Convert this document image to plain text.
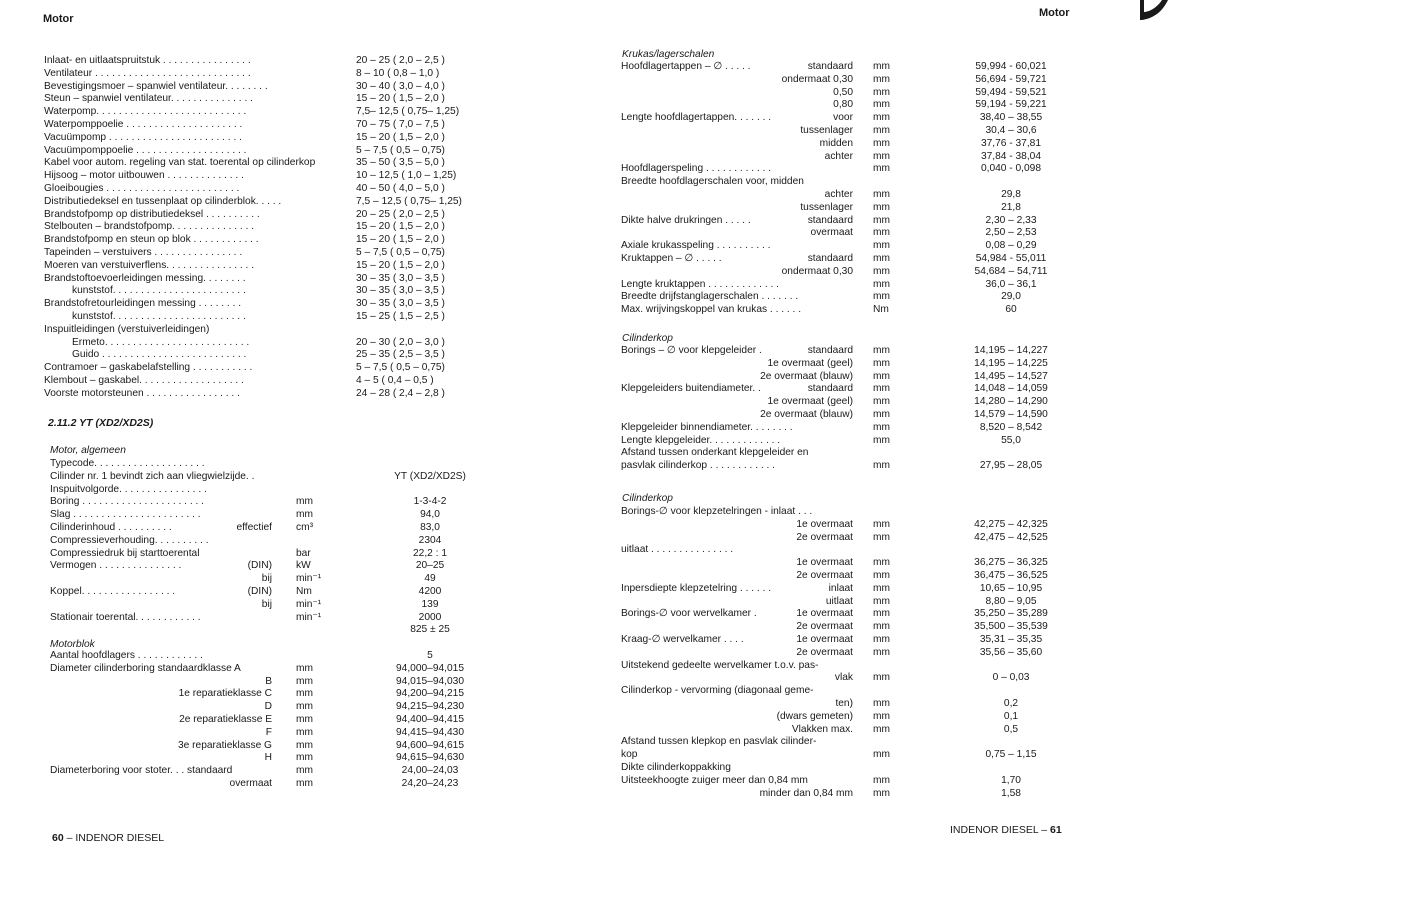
Motor
Inlaat- en uitlaatspruitstuk . . . . . . . . . . . . . . . .	20 – 25 ( 2,0 – 2,5 )
Ventilateur . . . . . . . . . . . . . . . . . . . . . . . . . . . .	8 – 10 ( 0,8 – 1,0 )
Bevestigingsmoer – spanwiel ventilateur. . . . . . . .	30 – 40 ( 3,0 – 4,0 )
Steun – spanwiel ventilateur. . . . . . . . . . . . . . .	15 – 20 ( 1,5 – 2,0 )
Waterpomp. . . . . . . . . . . . . . . . . . . . . . . . . . .	7,5– 12,5 ( 0,75– 1,25)
Waterpomppoelie . . . . . . . . . . . . . . . . . . . . .	70 – 75 ( 7,0 – 7,5 )
Vacuümpomp . . . . . . . . . . . . . . . . . . . . . . . .	15 – 20 ( 1,5 – 2,0 )
Vacuümpomppoelie . . . . . . . . . . . . . . . . . . . .	5 – 7,5 ( 0,5 – 0,75)
Kabel voor autom. regeling van stat. toerental op cilinderkop	35 – 50 ( 3,5 – 5,0 )
Hijsoog – motor uitbouwen . . . . . . . . . . . . . .	10 – 12,5 ( 1,0 – 1,25)
Gloeibougies . . . . . . . . . . . . . . . . . . . . . . . .	40 – 50 ( 4,0 – 5,0 )
Distributiedeksel en tussenplaat op cilinderblok. . . . .	7,5 – 12,5 ( 0,75– 1,25)
Brandstofpomp op distributiedeksel . . . . . . . . . .	20 – 25 ( 2,0 – 2,5 )
Stelbouten – brandstofpomp. . . . . . . . . . . . . . .	15 – 20 ( 1,5 – 2,0 )
Brandstofpomp en steun op blok . . . . . . . . . . . .	15 – 20 ( 1,5 – 2,0 )
Tapeinden – verstuivers . . . . . . . . . . . . . . . .	5 – 7,5 ( 0,5 – 0,75)
Moeren van verstuiverflens. . . . . . . . . . . . . . . .	15 – 20 ( 1,5 – 2,0 )
Brandstoftoevoerleidingen messing. . . . . . . .	30 – 35 ( 3,0 – 3,5 )
kunststof. . . . . . . . . . . . . . . . . . . . . . . .	30 – 35 ( 3,0 – 3,5 )
Brandstofretourleidingen messing . . . . . . . .	30 – 35 ( 3,0 – 3,5 )
kunststof. . . . . . . . . . . . . . . . . . . . . . . .	15 – 25 ( 1,5 – 2,5 )
Inspuitleidingen (verstuiverleidingen)
Ermeto. . . . . . . . . . . . . . . . . . . . . . . . . .	20 – 30 ( 2,0 – 3,0 )
Guido . . . . . . . . . . . . . . . . . . . . . . . . . .	25 – 35 ( 2,5 – 3,5 )
Contramoer – gaskabelafstelling . . . . . . . . . . .	5 – 7,5 ( 0,5 – 0,75)
Klembout – gaskabel. . . . . . . . . . . . . . . . . . .	4 – 5 ( 0,4 – 0,5 )
Voorste motorsteunen . . . . . . . . . . . . . . . . .	24 – 28 ( 2,4 – 2,8 )
2.11.2 YT (XD2/XD2S)
Motor, algemeen
Typecode. . . . . . . . . . . . . . . . . . . .
Cilinder nr. 1 bevindt zich aan vliegwielzijde. .	YT (XD2/XD2S)
Inspuitvolgorde. . . . . . . . . . . . . . . .
Boring . . . . . . . . . . . . . . . . . . . . . .	mm	1-3-4-2
Slag . . . . . . . . . . . . . . . . . . . . . . .	mm	94,0
Cilinderinhoud . . . . . . . . . .	effectief cm³	83,0
Compressieverhouding. . . . . . . . . .	2304
Compressiedruk bij starttoerental	bar	22,2 : 1
Vermogen . . . . . . . . . . . . . . .	(DIN) kW	20–25
bij min⁻¹	49
Koppel. . . . . . . . . . . . . . . . .	(DIN) Nm	4200
bij min⁻¹	139
Stationair toerental. . . . . . . . . . . .	min⁻¹	2000
825 ± 25
Motorblok
Aantal hoofdlagers . . . . . . . . . . . .	5
Diameter cilinderboring standaardklasse A	mm	94,000–94,015
B mm	94,015–94,030
1e reparatieklasse C mm	94,200–94,215
D mm	94,215–94,230
2e reparatieklasse E mm	94,400–94,415
F mm	94,415–94,430
3e reparatieklasse G mm	94,600–94,615
H mm	94,615–94,630
Diameterboring voor stoter. . . standaard	mm	24,00–24,03
overmaat mm	24,20–24,23
60 – INDENOR DIESEL
Motor
Krukas/lagerschalen
Hoofdlagertappen – ∅ . . . . .	standaard mm	59,994 - 60,021
ondermaat 0,30 mm	56,694 - 59,721
0,50 mm	59,494 - 59,521
0,80 mm	59,194 - 59,221
Lengte hoofdlagertappen. . . . . . .	voor mm	38,40 – 38,55
tussenlager mm	30,4 – 30,6
midden mm	37,76 - 37,81
achter mm	37,84 - 38,04
Hoofdlagerspeling . . . . . . . . . . . .	mm	0,040 - 0,098
Breedte hoofdlagerschalen voor, midden
achter mm	29,8
tussenlager mm	21,8
Dikte halve drukringen . . . . .	standaard mm	2,30 – 2,33
overmaat mm	2,50 – 2,53
Axiale krukasspeling . . . . . . . . . .	mm	0,08 – 0,29
Kruktappen – ∅ . . . . .	standaard mm	54,984 - 55,011
ondermaat 0,30 mm	54,684 – 54,711
Lengte kruktappen . . . . . . . . . . . . .	mm	36,0 – 36,1
Breedte drijfstanglagerschalen . . . . . . .	mm	29,0
Max. wrijvingskoppel van krukas . . . . . .	Nm	60
Cilinderkop
Borings – ∅ voor klepgeleider .	standaard mm	14,195 – 14,227
1e overmaat (geel) mm	14,195 – 14,225
2e overmaat (blauw) mm	14,495 – 14,527
Klepgeleiders buitendiameter. .	standaard mm	14,048 – 14,059
1e overmaat (geel) mm	14,280 – 14,290
2e overmaat (blauw) mm	14,579 – 14,590
Klepgeleider binnendiameter. . . . . . . .	mm	8,520 – 8,542
Lengte klepgeleider. . . . . . . . . . . . .	mm	55,0
Afstand tussen onderkant klepgeleider en
pasvlak cilinderkop . . . . . . . . . . . .	mm	27,95 – 28,05
Cilinderkop
Borings-∅ voor klepzetelringen - inlaat . . .
1e overmaat mm	42,275 – 42,325
2e overmaat mm	42,475 – 42,525
uitlaat . . . . . . . . . . . . . . .
1e overmaat mm	36,275 – 36,325
2e overmaat mm	36,475 – 36,525
Inpersdiepte klepzetelring . . . . . .	inlaat mm	10,65 – 10,95
uitlaat mm	8,80 – 9,05
Borings-∅ voor wervelkamer .	1e overmaat mm	35,250 – 35,289
2e overmaat mm	35,500 – 35,539
Kraag-∅ wervelkamer . . . .	1e overmaat mm	35,31 – 35,35
2e overmaat mm	35,56 – 35,60
Uitstekend gedeelte wervelkamer t.o.v. pas-
vlak mm	0 – 0,03
Cilinderkop - vervorming (diagonaal geme-
ten) mm	0,2
(dwars gemeten) mm	0,1
Vlakken max. mm	0,5
Afstand tussen klepkop en pasvlak cilinder-
kop	mm	0,75 – 1,15
Dikte cilinderkoppakking
Uitsteekhoogte zuiger meer dan 0,84 mm	mm	1,70
minder dan 0,84 mm mm	1,58
INDENOR DIESEL – 61
